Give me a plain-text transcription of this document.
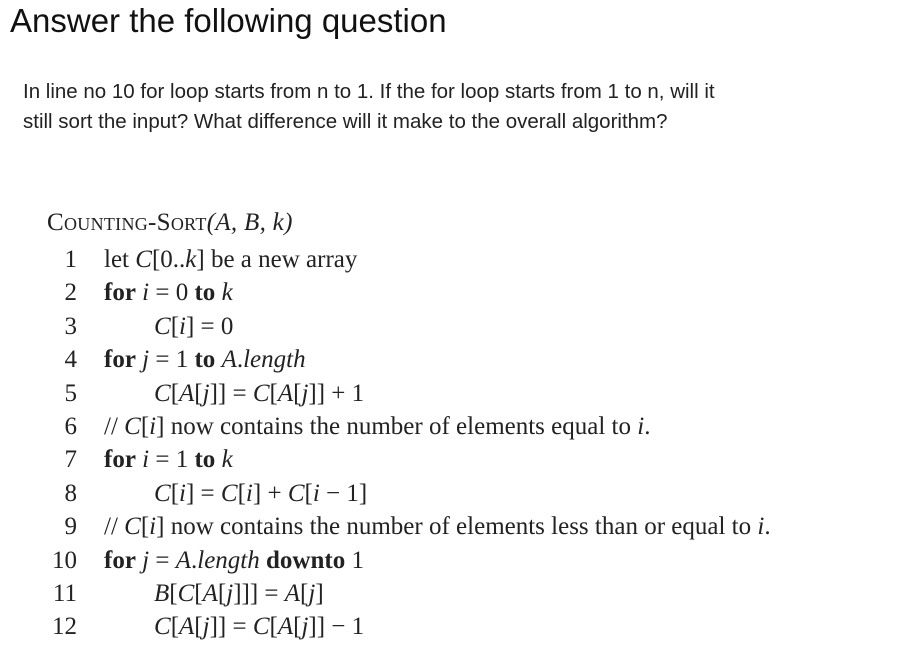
Answer the following question
In line no 10 for loop starts from n to 1. If the for loop starts from 1 to n, will it
still sort the input? What difference will it make to the overall algorithm?
Counting-Sort(A, B, k)
1 let C[0..k] be a new array
2 for i = 0 to k
3	C[i] = 0
4 for j = 1 to A.length
5	C[A[j]] = C[A[j]] + 1
6 // C[i] now contains the number of elements equal to i.
7 for i = 1 to k
8	C[i] = C[i] + C[i − 1]
9 // C[i] now contains the number of elements less than or equal to i.
10 for j = A.length downto 1
11	B[C[A[j]]] = A[j]
12	C[A[j]] = C[A[j]] − 1
